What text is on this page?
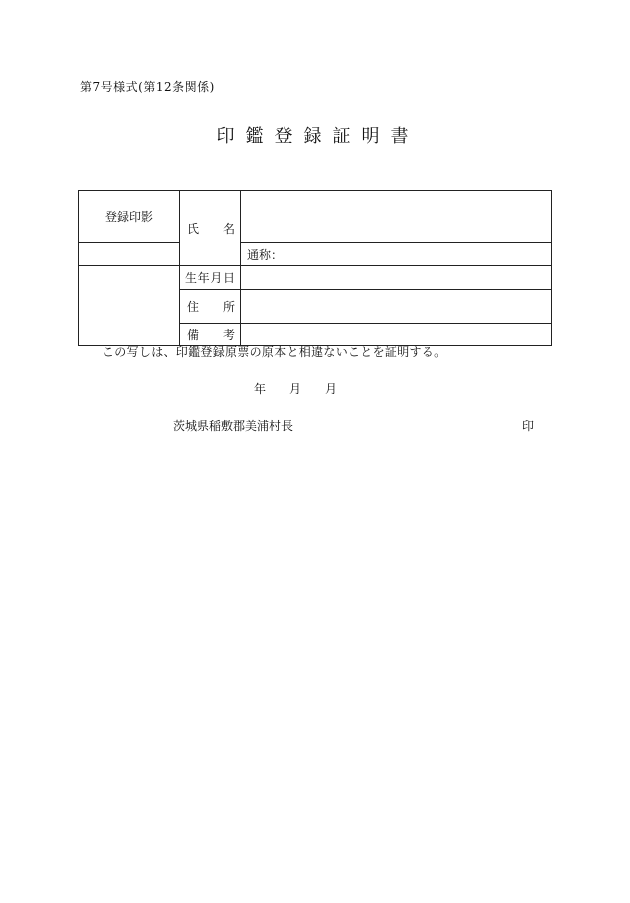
第7号様式(第12条関係)
印鑑登録証明書
登録印影	氏 名	

		通称：

	生 年 月 日	

	住 所	

	備 考	

この写しは、印鑑登録原票の原本と相違ないことを証明する。
年	月	月
茨城県稲敷郡美浦村長	印
